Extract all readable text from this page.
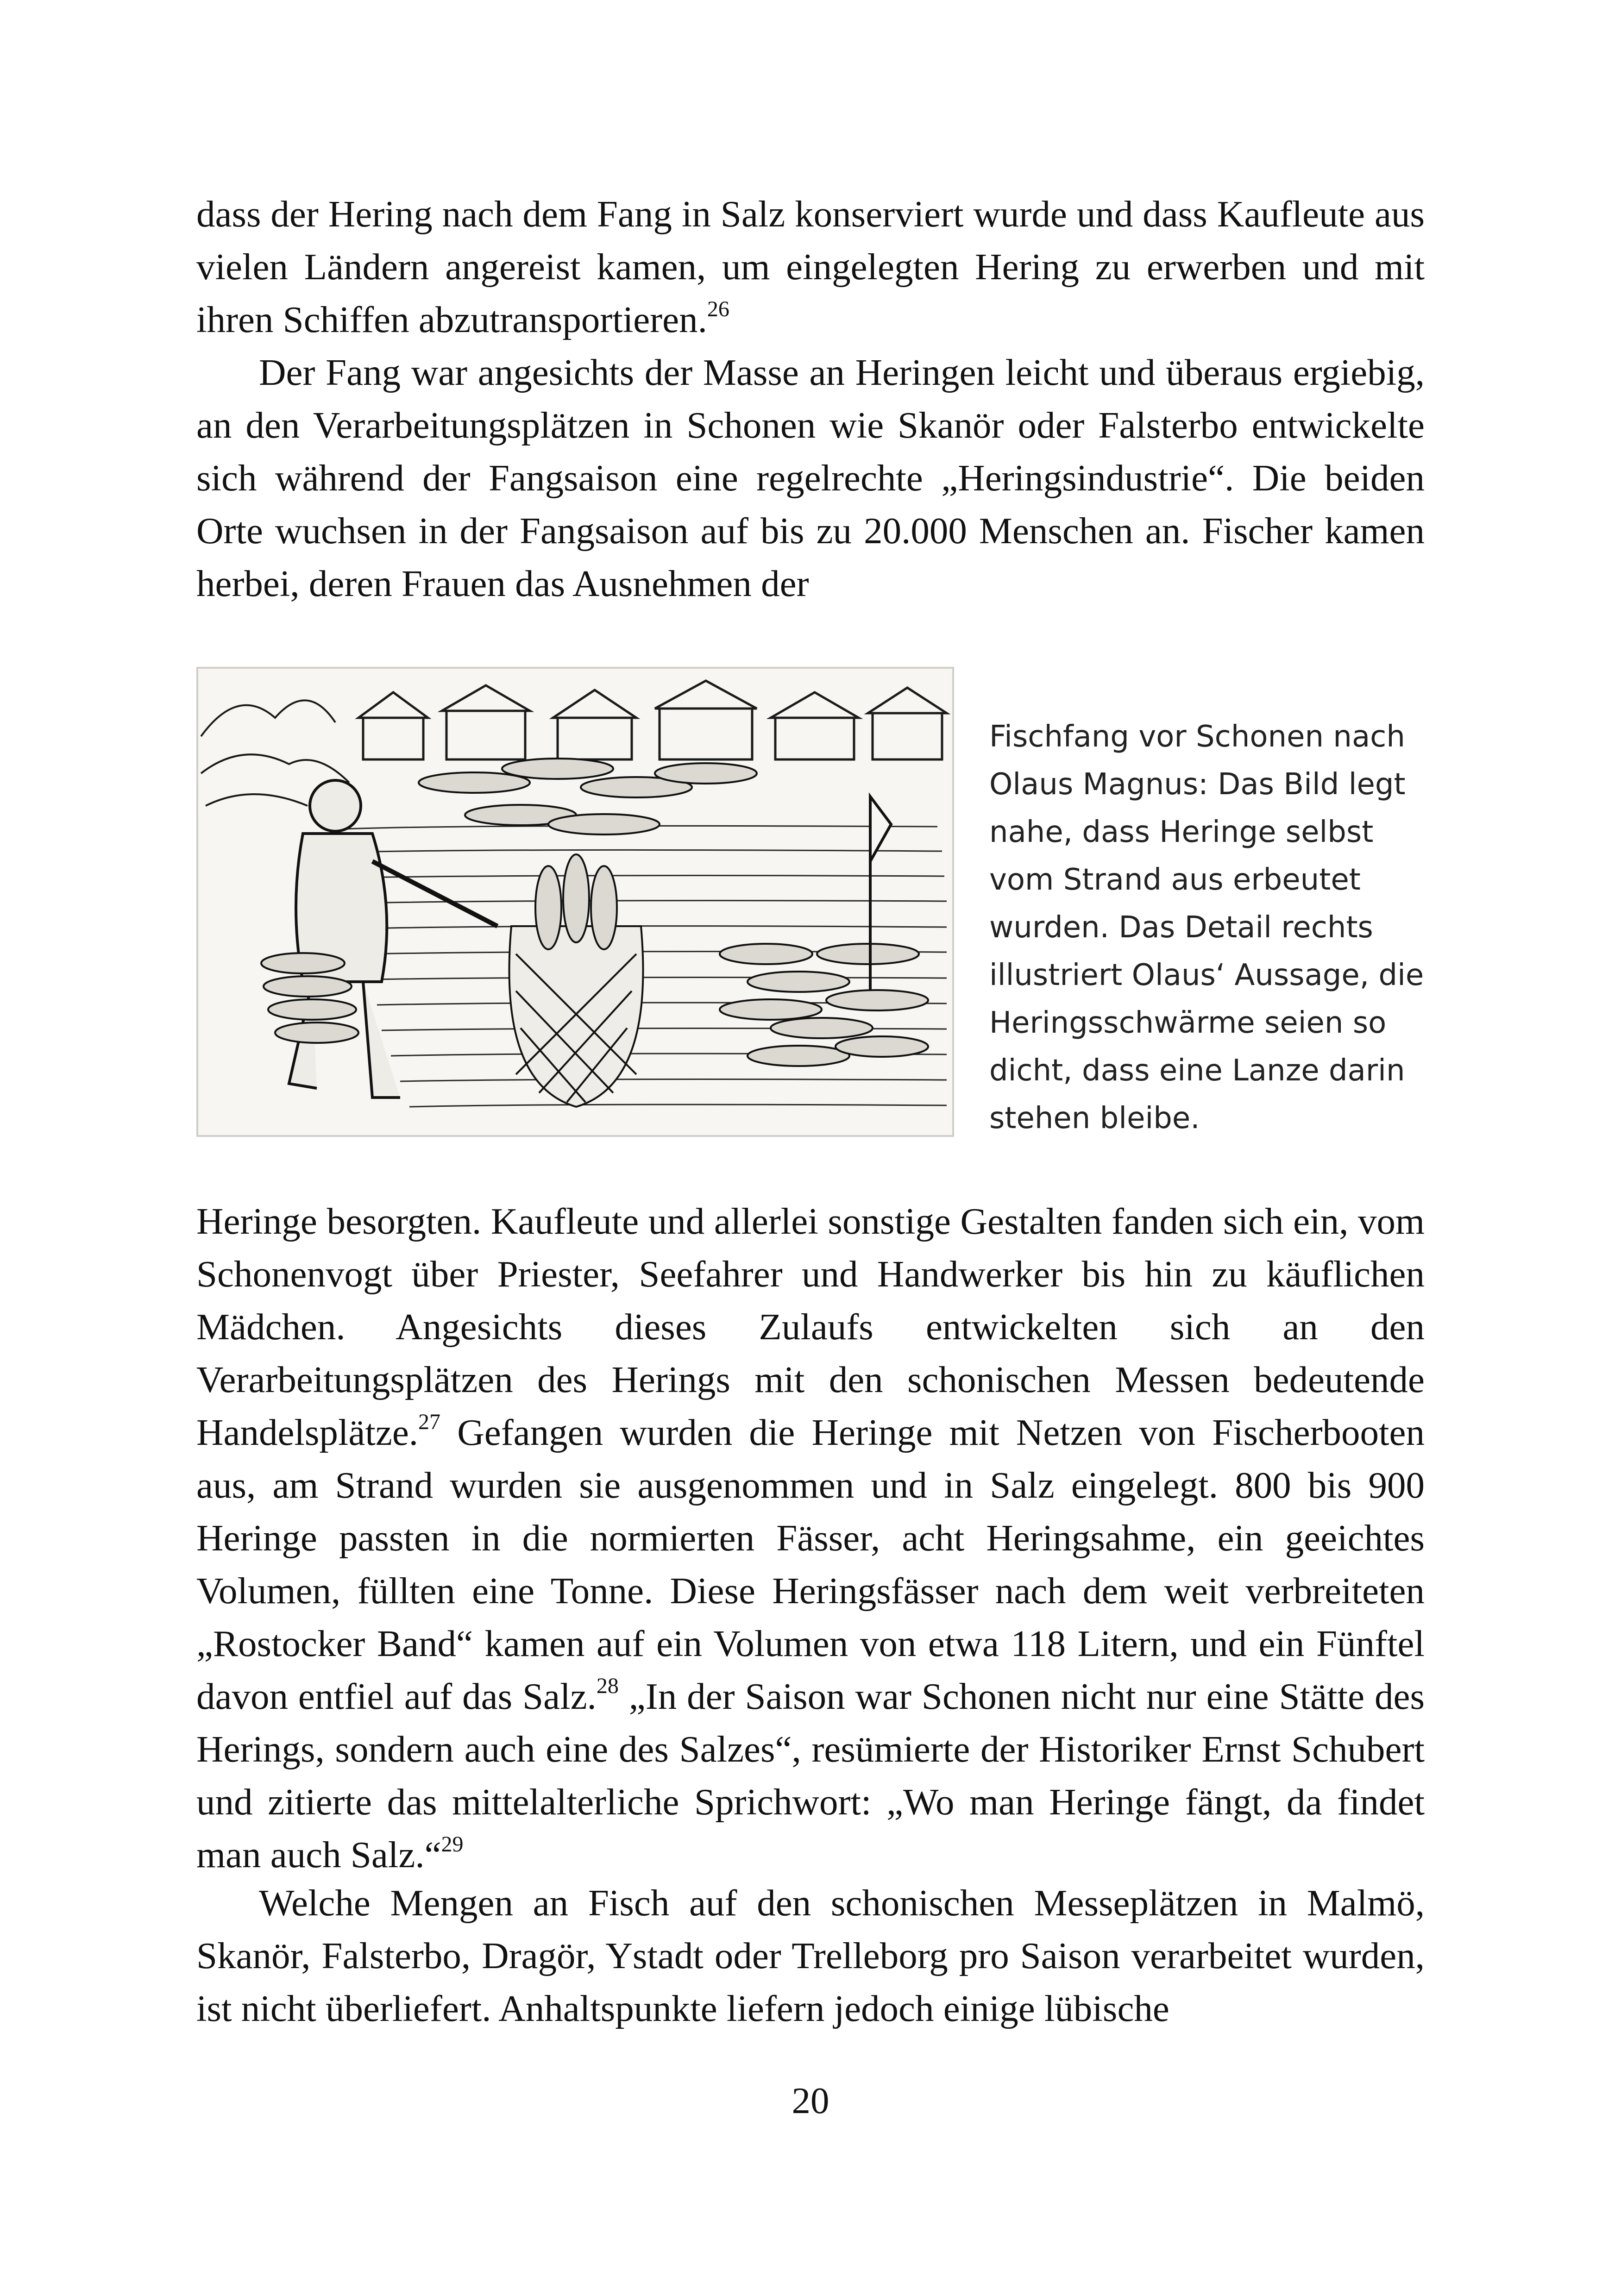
dass der Hering nach dem Fang in Salz konserviert wurde und dass Kaufleute aus vielen Ländern angereist kamen, um eingelegten Hering zu erwerben und mit ihren Schiffen abzutransportieren.$^{26}$

Der Fang war angesichts der Masse an Heringen leicht und überaus ergiebig, an den Verarbeitungsplätzen in Schonen wie Skanör oder Falsterbo entwickelte sich während der Fangsaison eine regelrechte „Heringsindustrie“. Die beiden Orte wuchsen in der Fangsaison auf bis zu 20.000 Menschen an. Fischer kamen herbei, deren Frauen das Ausnehmen der

Fischfang vor Schonen nach Olaus Magnus: Das Bild legt nahe, dass Heringe selbst vom Strand aus erbeutet wurden. Das Detail rechts illustriert Olaus‘ Aussage, die Heringsschwärme seien so dicht, dass eine Lanze darin stehen bleibe.

Heringe besorgten. Kaufleute und allerlei sonstige Gestalten fanden sich ein, vom Schonenvogt über Priester, Seefahrer und Handwerker bis hin zu käuflichen Mädchen. Angesichts dieses Zulaufs entwickelten sich an den Verarbeitungsplätzen des Herings mit den schonischen Messen bedeutende Handelsplätze.$^{27}$ Gefangen wurden die Heringe mit Netzen von Fischerbooten aus, am Strand wurden sie ausgenommen und in Salz eingelegt. 800 bis 900 Heringe passten in die normierten Fässer, acht Heringsahme, ein geeichtes Volumen, füllten eine Tonne. Diese Heringsfässer nach dem weit verbreiteten „Rostocker Band“ kamen auf ein Volumen von etwa 118 Litern, und ein Fünftel davon entfiel auf das Salz.$^{28}$ „In der Saison war Schonen nicht nur eine Stätte des Herings, sondern auch eine des Salzes“, resümierte der Historiker Ernst Schubert und zitierte das mittelalterliche Sprichwort: „Wo man Heringe fängt, da findet man auch Salz.“$^{29}$

Welche Mengen an Fisch auf den schonischen Messeplätzen in Malmö, Skanör, Falsterbo, Dragör, Ystadt oder Trelleborg pro Saison verarbeitet wurden, ist nicht überliefert. Anhaltspunkte liefern jedoch einige lübische

20
